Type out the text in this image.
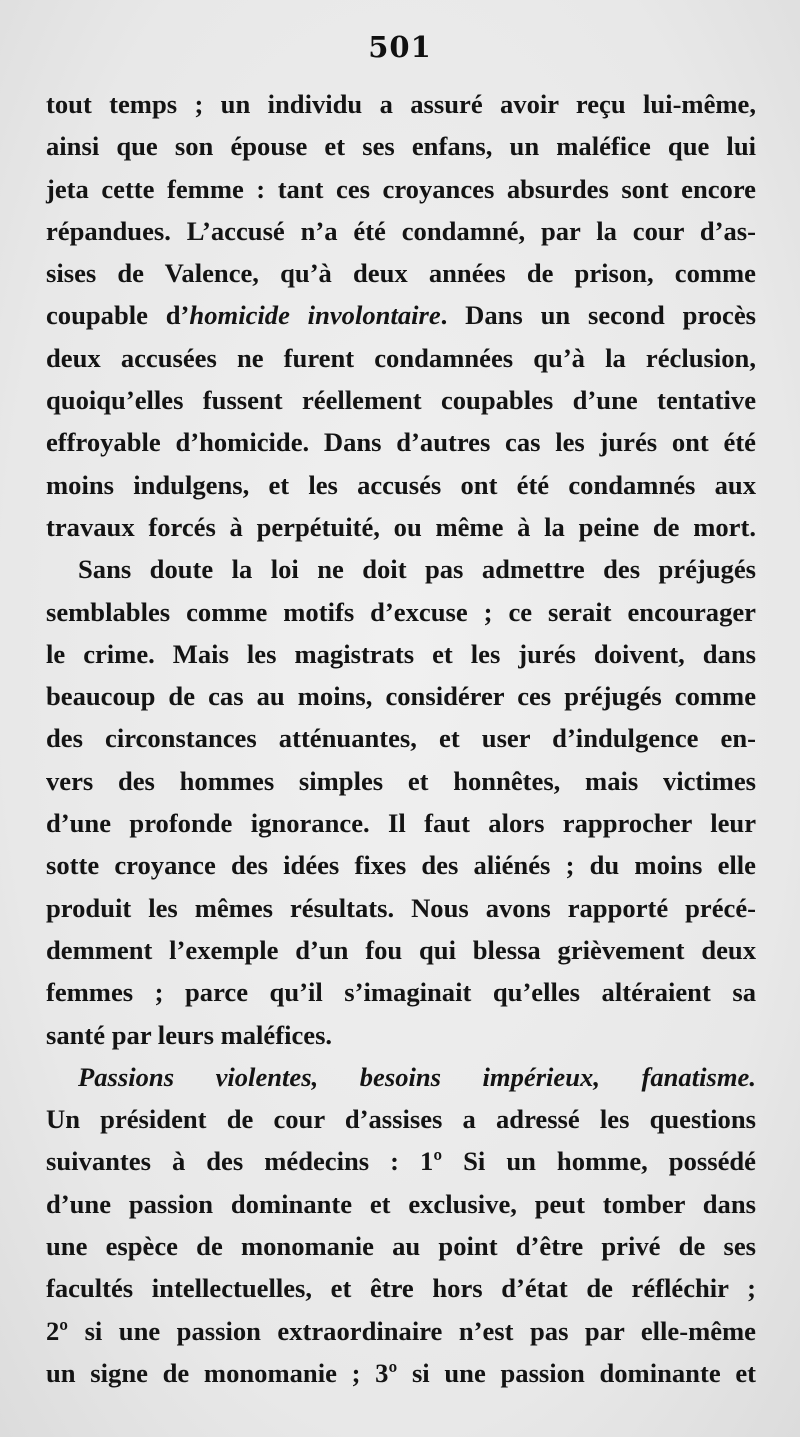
501

tout temps ; un individu a assuré avoir reçu lui-même,
ainsi que son épouse et ses enfans, un maléfice que lui
jeta cette femme : tant ces croyances absurdes sont encore
répandues. L’accusé n’a été condamné, par la cour d’as-
sises de Valence, qu’à deux années de prison, comme
coupable d’homicide involontaire. Dans un second procès
deux accusées ne furent condamnées qu’à la réclusion,
quoiqu’elles fussent réellement coupables d’une tentative
effroyable d’homicide. Dans d’autres cas les jurés ont été
moins indulgens, et les accusés ont été condamnés aux
travaux forcés à perpétuité, ou même à la peine de mort.

Sans doute la loi ne doit pas admettre des préjugés
semblables comme motifs d’excuse ; ce serait encourager
le crime. Mais les magistrats et les jurés doivent, dans
beaucoup de cas au moins, considérer ces préjugés comme
des circonstances atténuantes, et user d’indulgence en-
vers des hommes simples et honnêtes, mais victimes
d’une profonde ignorance. Il faut alors rapprocher leur
sotte croyance des idées fixes des aliénés ; du moins elle
produit les mêmes résultats. Nous avons rapporté précé-
demment l’exemple d’un fou qui blessa grièvement deux
femmes ; parce qu’il s’imaginait qu’elles altéraient sa
santé par leurs maléfices.

Passions violentes, besoins impérieux, fanatisme.
Un président de cour d’assises a adressé les questions
suivantes à des médecins : 1º Si un homme, possédé
d’une passion dominante et exclusive, peut tomber dans
une espèce de monomanie au point d’être privé de ses
facultés intellectuelles, et être hors d’état de réfléchir ;
2º si une passion extraordinaire n’est pas par elle-même
un signe de monomanie ; 3º si une passion dominante et
